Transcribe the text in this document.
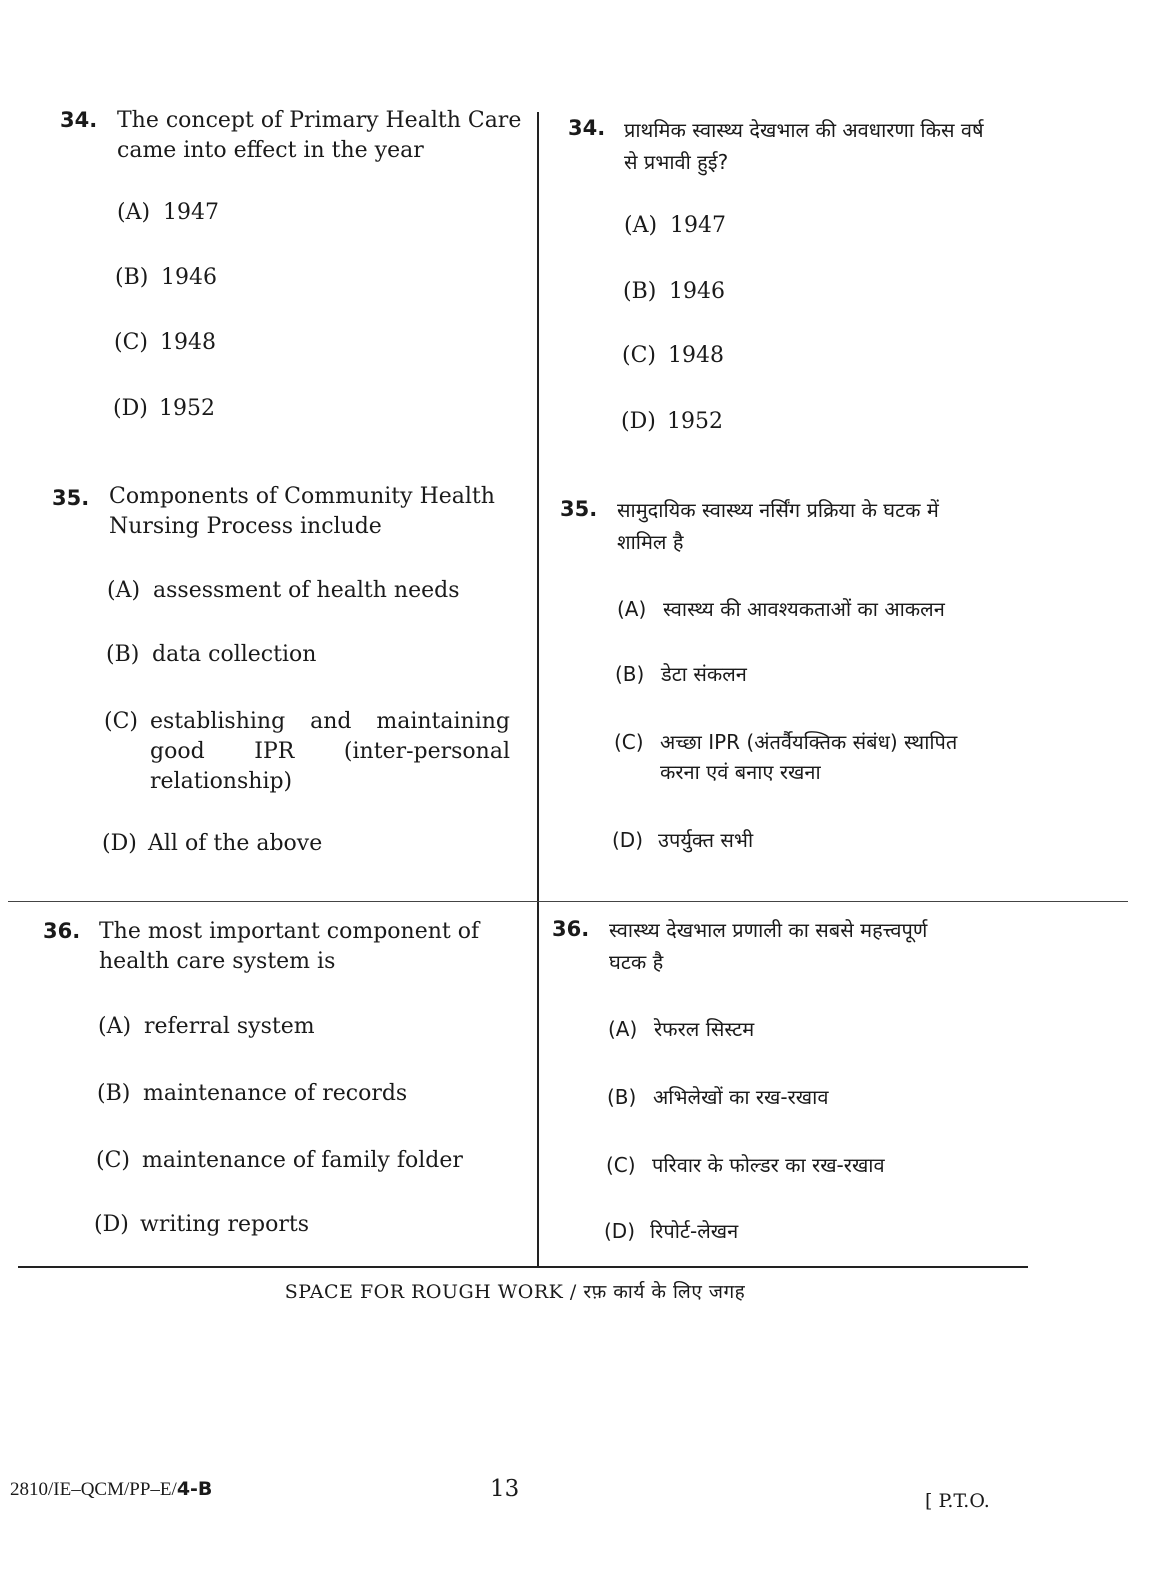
34. The concept of Primary Health Care
came into effect in the year
(A) 1947
(B) 1946
(C) 1948
(D) 1952
34. प्राथमिक स्वास्थ्य देखभाल की अवधारणा किस वर्ष
से प्रभावी हुई?
(A) 1947
(B) 1946
(C) 1948
(D) 1952
35. Components of Community Health
Nursing Process include
(A) assessment of health needs
(B) data collection
(C) establishing and maintaining
good IPR (inter-personal
relationship)
(D) All of the above
35. सामुदायिक स्वास्थ्य नर्सिंग प्रक्रिया के घटक में
शामिल है
(A) स्वास्थ्य की आवश्यकताओं का आकलन
(B) डेटा संकलन
(C) अच्छा IPR (अंतर्वैयक्तिक संबंध) स्थापित
करना एवं बनाए रखना
(D) उपर्युक्त सभी
36. The most important component of
health care system is
(A) referral system
(B) maintenance of records
(C) maintenance of family folder
(D) writing reports
36. स्वास्थ्य देखभाल प्रणाली का सबसे महत्त्वपूर्ण
घटक है
(A) रेफरल सिस्टम
(B) अभिलेखों का रख-रखाव
(C) परिवार के फोल्डर का रख-रखाव
(D) रिपोर्ट-लेखन
SPACE FOR ROUGH WORK / रफ़ कार्य के लिए जगह
2810/IE–QCM/PP–E/4-B	13	[ P.T.O.
